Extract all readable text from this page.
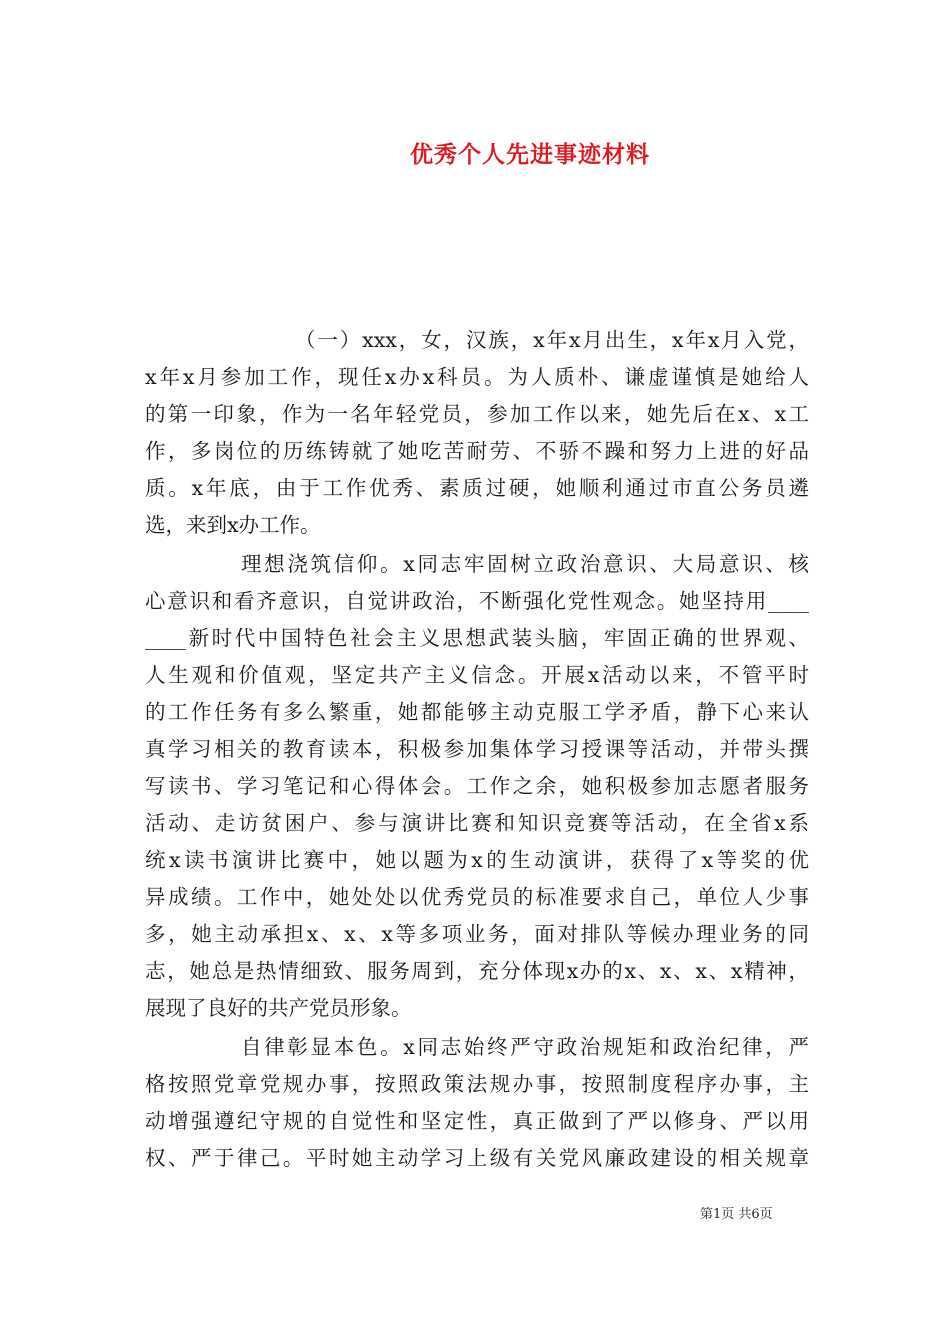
优秀个人先进事迹材料

（一）xxx，女，汉族，x年x月出生，x年x月入党，
x年x月参加工作，现任x办x科员。为人质朴、谦虚谨慎是她给人
的第一印象，作为一名年轻党员，参加工作以来，她先后在x、x工
作，多岗位的历练铸就了她吃苦耐劳、不骄不躁和努力上进的好品
质。x年底，由于工作优秀、素质过硬，她顺利通过市直公务员遴
选，来到x办工作。

理想浇筑信仰。x同志牢固树立政治意识、大局意识、核
心意识和看齐意识，自觉讲政治，不断强化党性观念。她坚持用____
____新时代中国特色社会主义思想武装头脑，牢固正确的世界观、
人生观和价值观，坚定共产主义信念。开展x活动以来，不管平时
的工作任务有多么繁重，她都能够主动克服工学矛盾，静下心来认
真学习相关的教育读本，积极参加集体学习授课等活动，并带头撰
写读书、学习笔记和心得体会。工作之余，她积极参加志愿者服务
活动、走访贫困户、参与演讲比赛和知识竞赛等活动，在全省x系
统x读书演讲比赛中，她以题为x的生动演讲，获得了x等奖的优
异成绩。工作中，她处处以优秀党员的标准要求自己，单位人少事
多，她主动承担x、x、x等多项业务，面对排队等候办理业务的同
志，她总是热情细致、服务周到，充分体现x办的x、x、x、x精神，
展现了良好的共产党员形象。

自律彰显本色。x同志始终严守政治规矩和政治纪律，严
格按照党章党规办事，按照政策法规办事，按照制度程序办事，主
动增强遵纪守规的自觉性和坚定性，真正做到了严以修身、严以用
权、严于律己。平时她主动学习上级有关党风廉政建设的相关规章

第1页 共6页
